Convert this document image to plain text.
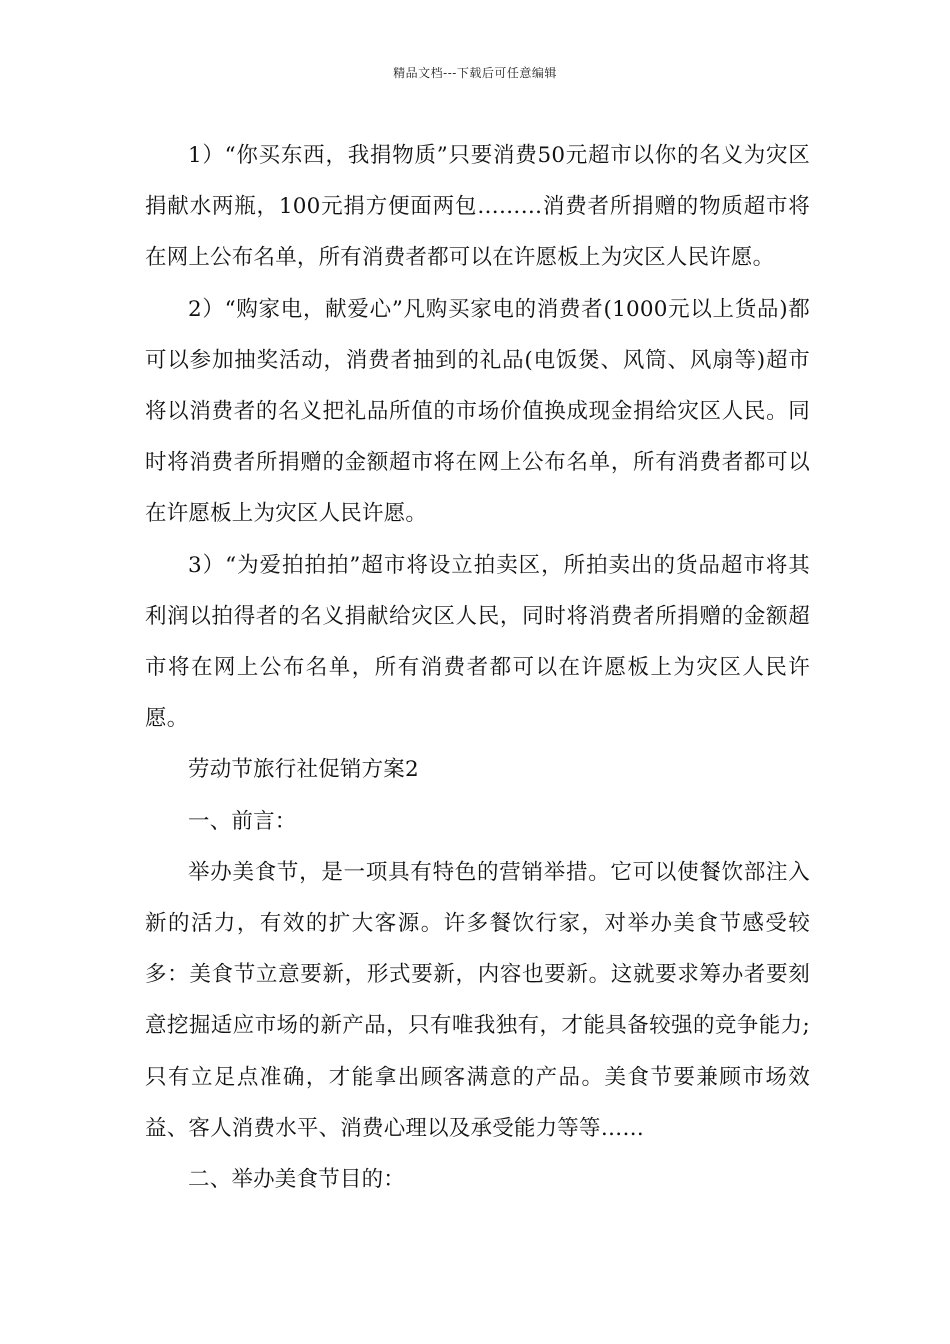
精品文档---下载后可任意编辑

1）“你买东西，我捐物质”只要消费50元超市以你的名义为灾区捐献水两瓶，100元捐方便面两包………消费者所捐赠的物质超市将在网上公布名单，所有消费者都可以在许愿板上为灾区人民许愿。

2）“购家电，献爱心”凡购买家电的消费者(1000元以上货品)都可以参加抽奖活动，消费者抽到的礼品(电饭煲、风筒、风扇等)超市将以消费者的名义把礼品所值的市场价值换成现金捐给灾区人民。同时将消费者所捐赠的金额超市将在网上公布名单，所有消费者都可以在许愿板上为灾区人民许愿。

3）“为爱拍拍拍”超市将设立拍卖区，所拍卖出的货品超市将其利润以拍得者的名义捐献给灾区人民，同时将消费者所捐赠的金额超市将在网上公布名单，所有消费者都可以在许愿板上为灾区人民许愿。

劳动节旅行社促销方案2

一、前言：

举办美食节，是一项具有特色的营销举措。它可以使餐饮部注入新的活力，有效的扩大客源。许多餐饮行家，对举办美食节感受较多：美食节立意要新，形式要新，内容也要新。这就要求筹办者要刻意挖掘适应市场的新产品，只有唯我独有，才能具备较强的竞争能力;只有立足点准确，才能拿出顾客满意的产品。美食节要兼顾市场效益、客人消费水平、消费心理以及承受能力等等……

二、举办美食节目的：
